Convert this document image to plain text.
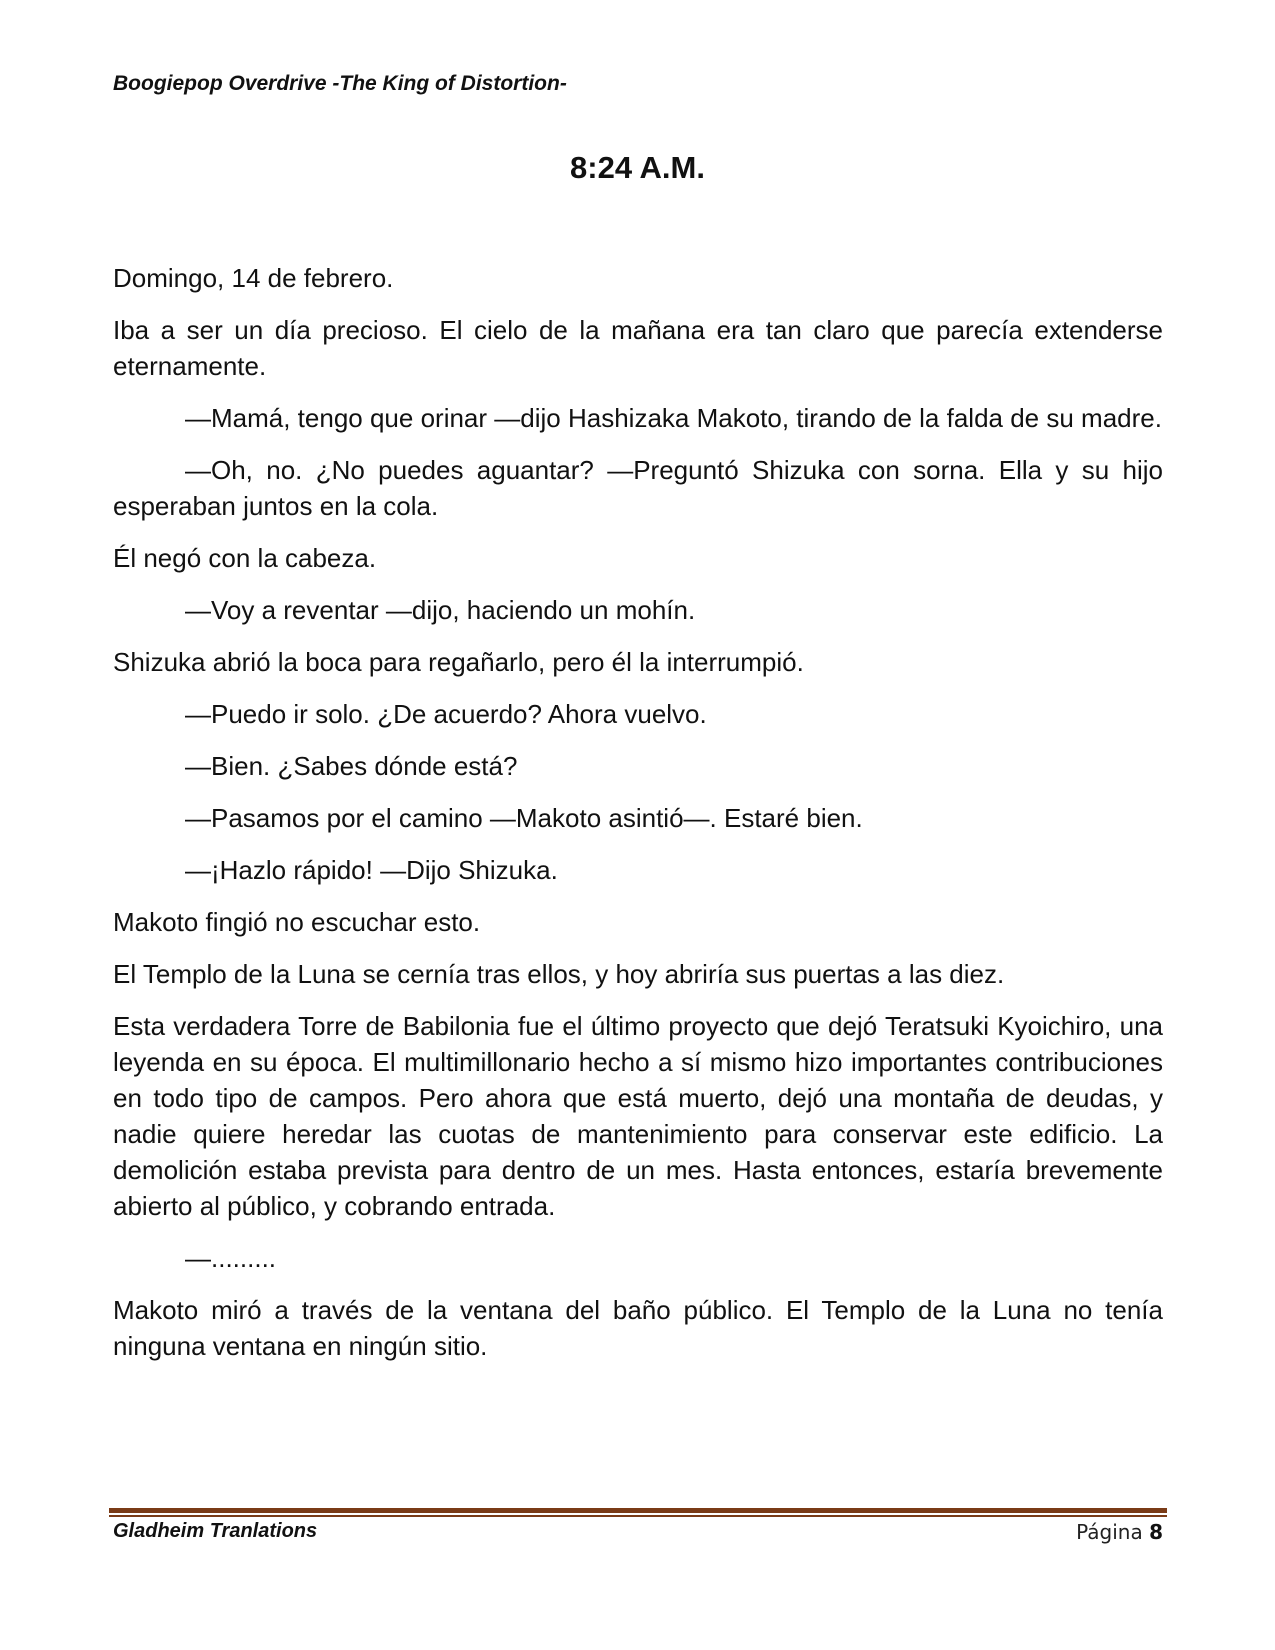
Boogiepop Overdrive -The King of Distortion-
8:24 A.M.

Domingo, 14 de febrero.

Iba a ser un día precioso. El cielo de la mañana era tan claro que parecía extenderse eternamente.

—Mamá, tengo que orinar —dijo Hashizaka Makoto, tirando de la falda de su madre.

—Oh, no. ¿No puedes aguantar? —Preguntó Shizuka con sorna. Ella y su hijo esperaban juntos en la cola.

Él negó con la cabeza.

—Voy a reventar —dijo, haciendo un mohín.

Shizuka abrió la boca para regañarlo, pero él la interrumpió.

—Puedo ir solo. ¿De acuerdo? Ahora vuelvo.

—Bien. ¿Sabes dónde está?

—Pasamos por el camino —Makoto asintió—. Estaré bien.

—¡Hazlo rápido! —Dijo Shizuka.

Makoto fingió no escuchar esto.

El Templo de la Luna se cernía tras ellos, y hoy abriría sus puertas a las diez.

Esta verdadera Torre de Babilonia fue el último proyecto que dejó Teratsuki Kyoichiro, una leyenda en su época. El multimillonario hecho a sí mismo hizo importantes contribuciones en todo tipo de campos. Pero ahora que está muerto, dejó una montaña de deudas, y nadie quiere heredar las cuotas de mantenimiento para conservar este edificio. La demolición estaba prevista para dentro de un mes. Hasta entonces, estaría brevemente abierto al público, y cobrando entrada.

—.........

Makoto miró a través de la ventana del baño público. El Templo de la Luna no tenía ninguna ventana en ningún sitio.

Gladheim Tranlations	Página 8
